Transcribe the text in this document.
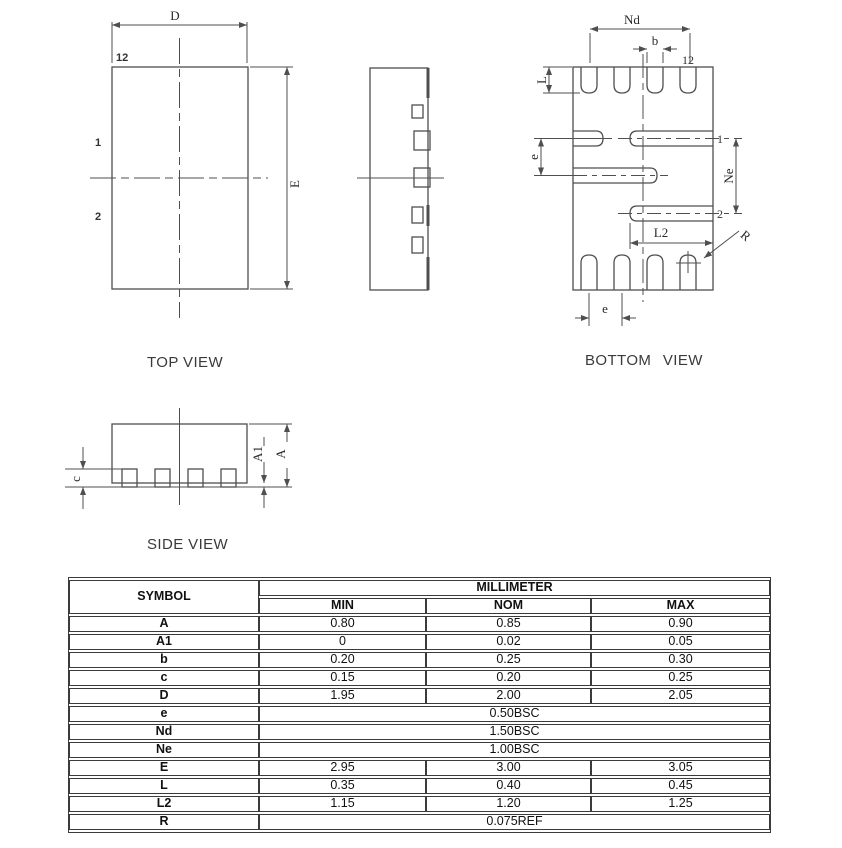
D
E
12
1
2
Nd
b
12
L
e
1
2
Ne
L2	R
e
c
A1 A
TOP VIEW	BOTTOM VIEW
SIDE VIEW
SYMBOL	MILLIMETER		
	MIN	NOM	MAX
A	0.80	0.85	0.90
A1	0	0.02	0.05
b	0.20	0.25	0.30
c	0.15	0.20	0.25
D	1.95	2.00	2.05
e	0.50BSC		
Nd	1.50BSC		
Ne	1.00BSC		
E	2.95	3.00	3.05
L	0.35	0.40	0.45
L2	1.15	1.20	1.25
R	0.075REF		
